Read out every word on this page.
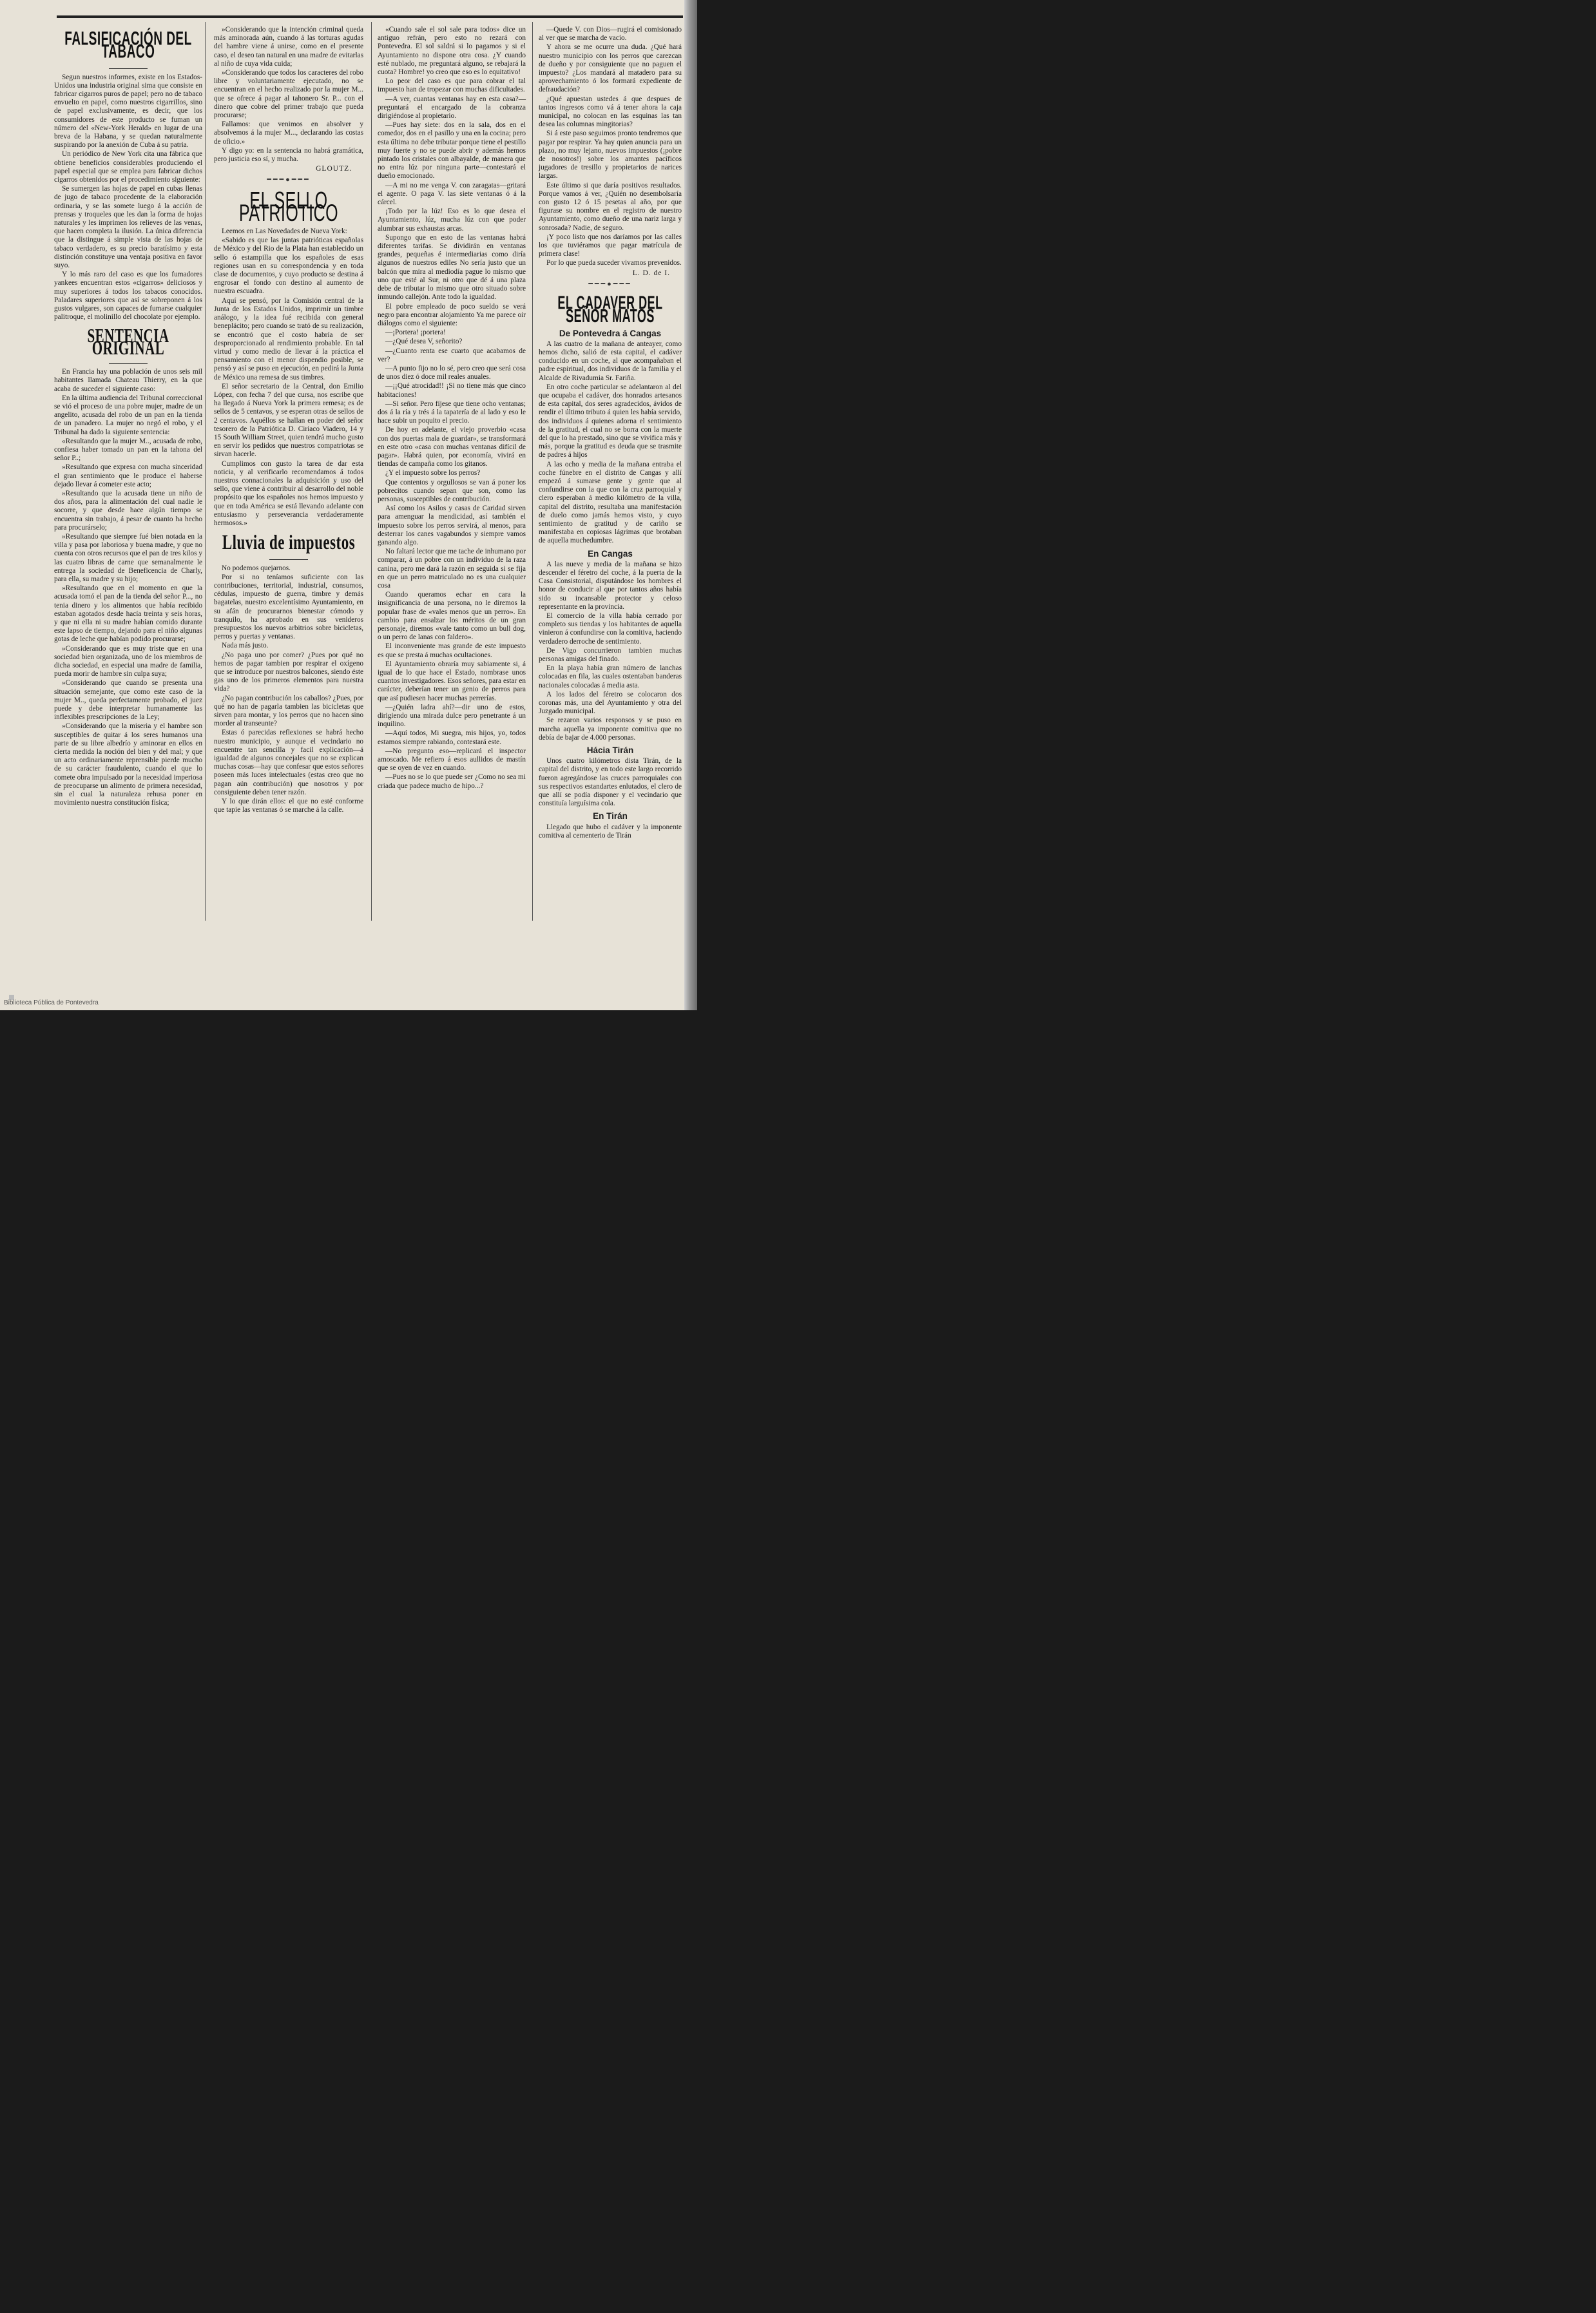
FALSIFICACIÓN DEL TABACO

Segun nuestros informes, existe en los Estados-Unidos una industria original sima que consiste en fabricar cigarros puros de papel; pero no de tabaco envuelto en papel, como nuestros cigarrillos, sino de papel exclusivamente, es decir, que los consumidores de este producto se fuman un número del «New-York Herald» en lugar de una breva de la Habana, y se quedan naturalmente suspirando por la anexión de Cuba á su patria.

Un periódico de New York cita una fábrica que obtiene beneficios considerables produciendo el papel especial que se emplea para fabricar dichos cigarros obtenidos por el procedimiento siguiente:

Se sumergen las hojas de papel en cubas llenas de jugo de tabaco procedente de la elaboración ordinaria, y se las somete luego á la acción de prensas y troqueles que les dan la forma de hojas naturales y les imprimen los relieves de las venas, que hacen completa la ilusión. La única diferencia que la distingue á simple vista de las hojas de tabaco verdadero, es su precio baratísimo y esta distinción constituye una ventaja positiva en favor suyo.

Y lo más raro del caso es que los fumadores yankees encuentran estos «cigarros» deliciosos y muy superiores á todos los tabacos conocidos. Paladares superiores que así se sobreponen á los gustos vulgares, son capaces de fumarse cualquier palitroque, el molinillo del chocolate por ejemplo.

SENTENCIA ORIGINAL

En Francia hay una población de unos seis mil habitantes llamada Chateau Thierry, en la que acaba de suceder el siguiente caso:

En la última audiencia del Tribunal correccional se vió el proceso de una pobre mujer, madre de un angelito, acusada del robo de un pan en la tienda de un panadero. La mujer no negó el robo, y el Tribunal ha dado la siguiente sentencia:

«Resultando que la mujer M.., acusada de robo, confiesa haber tomado un pan en la tahona del señor P..;

»Resultando que expresa con mucha sinceridad el gran sentimiento que le produce el haberse dejado llevar á cometer este acto;

»Resultando que la acusada tiene un niño de dos años, para la alimentación del cual nadie le socorre, y que desde hace algún tiempo se encuentra sin trabajo, á pesar de cuanto ha hecho para procurárselo;

»Resultando que siempre fué bien notada en la villa y pasa por laboriosa y buena madre, y que no cuenta con otros recursos que el pan de tres kilos y las cuatro libras de carne que semanalmente le entrega la sociedad de Beneficencia de Charly, para ella, su madre y su hijo;

»Resultando que en el momento en que la acusada tomó el pan de la tienda del señor P..., no tenia dinero y los alimentos que había recibido estaban agotados desde hacía treinta y seis horas, y que ni ella ni su madre habían comido durante este lapso de tiempo, dejando para el niño algunas gotas de leche que habían podido procurarse;

»Considerando que es muy triste que en una sociedad bien organizada, uno de los miembros de dicha sociedad, en especial una madre de familia, pueda morir de hambre sin culpa suya;

»Considerando que cuando se presenta una situación semejante, que como este caso de la mujer M.., queda perfectamente probado, el juez puede y debe interpretar humanamente las inflexibles prescripciones de la Ley;

»Considerando que la miseria y el hambre son susceptibles de quitar á los seres humanos una parte de su libre albedrío y aminorar en ellos en cierta medida la noción del bien y del mal; y que un acto ordinariamente reprensible pierde mucho de su carácter fraudulento, cuando el que lo comete obra impulsado por la necesidad imperiosa de preocuparse un alimento de primera necesidad, sin el cual la naturaleza rehusa poner en movimiento nuestra constitución física;

»Considerando que la intención criminal queda más aminorada aún, cuando á las torturas agudas del hambre viene á unirse, como en el presente caso, el deseo tan natural en una madre de evitarlas al niño de cuya vida cuida;

»Considerando que todos los caracteres del robo libre y voluntariamente ejecutado, no se encuentran en el hecho realizado por la mujer M... que se ofrece á pagar al tahonero Sr. P... con el dinero que cobre del primer trabajo que pueda procurarse;

Fallamos: que venimos en absolver y absolvemos á la mujer M..., declarando las costas de oficio.»

Y digo yo: en la sentencia no habrá gramática, pero justicia eso sí, y mucha.

GLOUTZ.
━━━●━━━
EL SELLO PATRIOTICO

Leemos en Las Novedades de Nueva York:

«Sabido es que las juntas patrióticas españolas de México y del Rio de la Plata han establecido un sello ó estampilla que los españoles de esas regiones usan en su correspondencia y en toda clase de documentos, y cuyo producto se destina á engrosar el fondo con destino al aumento de nuestra escuadra.

Aquí se pensó, por la Comisión central de la Junta de los Estados Unidos, imprimir un timbre análogo, y la idea fué recibida con general beneplácito; pero cuando se trató de su realización, se encontró que el costo habría de ser desproporcionado al rendimiento probable. En tal virtud y como medio de llevar á la práctica el pensamiento con el menor dispendio posible, se pensó y así se puso en ejecución, en pedirá la Junta de México una remesa de sus timbres.

El señor secretario de la Central, don Emilio López, con fecha 7 del que cursa, nos escribe que ha llegado á Nueva York la primera remesa; es de sellos de 5 centavos, y se esperan otras de sellos de 2 centavos. Aquéllos se hallan en poder del señor tesorero de la Patriótica D. Ciriaco Viadero, 14 y 15 South William Street, quien tendrá mucho gusto en servir los pedidos que nuestros compatriotas se sirvan hacerle.

Cumplimos con gusto la tarea de dar esta noticia, y al verificarlo recomendamos á todos nuestros connacionales la adquisición y uso del sello, que viene á contribuir al desarrollo del noble propósito que los españoles nos hemos impuesto y que en toda América se está llevando adelante con entusiasmo y perseverancia verdaderamente hermosos.»

Lluvia de impuestos

No podemos quejarnos.

Por si no teníamos suficiente con las contribuciones, territorial, industrial, consumos, cédulas, impuesto de guerra, timbre y demás bagatelas, nuestro excelentísimo Ayuntamiento, en su afán de procurarnos bienestar cómodo y tranquilo, ha aprobado en sus venideros presupuestos los nuevos arbitrios sobre bicicletas, perros y puertas y ventanas.

Nada más justo.

¿No paga uno por comer? ¿Pues por qué no hemos de pagar tambien por respirar el oxígeno que se introduce por nuestros balcones, siendo éste gas uno de los primeros elementos para nuestra vida?

¿No pagan contribución los caballos? ¿Pues, por qué no han de pagarla tambien las bicicletas que sirven para montar, y los perros que no hacen sino morder al transeunte?

Estas ó parecidas reflexiones se habrá hecho nuestro municipio, y aunque el vecindario no encuentre tan sencilla y facil explicación—á igualdad de algunos concejales que no se explican muchas cosas—hay que confesar que estos señores poseen más luces intelectuales (estas creo que no pagan aún contribución) que nosotros y por consiguiente deben tener razón.

Y lo que dirán ellos: el que no esté conforme que tapie las ventanas ó se marche á la calle.

«Cuando sale el sol sale para todos» dice un antiguo refrán, pero esto no rezará con Pontevedra. El sol saldrá si lo pagamos y si el Ayuntamiento no dispone otra cosa. ¿Y cuando esté nublado, me preguntará alguno, se rebajará la cuota? Hombre! yo creo que eso es lo equitativo!

Lo peor del caso es que para cobrar el tal impuesto han de tropezar con muchas dificultades.

—A ver, cuantas ventanas hay en esta casa?—preguntará el encargado de la cobranza dirigiéndose al propietario.

—Pues hay siete: dos en la sala, dos en el comedor, dos en el pasillo y una en la cocina; pero esta última no debe tributar porque tiene el pestillo muy fuerte y no se puede abrir y además hemos pintado los cristales con albayalde, de manera que no entra lúz por ninguna parte—contestará el dueño emocionado.

—A mi no me venga V. con zaragatas—gritará el agente. O paga V. las siete ventanas ó á la cárcel.

¡Todo por la lúz! Eso es lo que desea el Ayuntamiento, lúz, mucha lúz con que poder alumbrar sus exhaustas arcas.

Supongo que en esto de las ventanas habrá diferentes tarifas. Se dividirán en ventanas grandes, pequeñas é intermediarias como diría algunos de nuestros ediles No sería justo que un balcón que mira al mediodía pague lo mismo que uno que esté al Sur, ni otro que dé á una plaza debe de tributar lo mismo que otro situado sobre inmundo callejón. Ante todo la igualdad.

El pobre empleado de poco sueldo se verá negro para encontrar alojamiento Ya me parece oir diálogos como el siguiente:

—¡Portera! ¡portera!

—¿Qué desea V, señorito?

—¿Cuanto renta ese cuarto que acabamos de ver?

—A punto fijo no lo sé, pero creo que será cosa de unos diez ó doce mil reales anuales.

—¡¡Qué atrocidad!! ¡Si no tiene más que cinco habitaciones!

—Si señor. Pero fíjese que tiene ocho ventanas; dos á la ría y trés á la tapatería de al lado y eso le hace subir un poquito el precio.

De hoy en adelante, el viejo proverbio «casa con dos puertas mala de guardar», se transformará en este otro «casa con muchas ventanas difícil de pagar». Habrá quien, por economía, vivirá en tiendas de campaña como los gitanos.

¿Y el impuesto sobre los perros?

Que contentos y orgullosos se van á poner los pobrecitos cuando sepan que son, como las personas, susceptibles de contribución.

Así como los Asilos y casas de Caridad sirven para amenguar la mendicidad, así también el impuesto sobre los perros servirá, al menos, para desterrar los canes vagabundos y siempre vamos ganando algo.

No faltará lector que me tache de inhumano por comparar, á un pobre con un individuo de la raza canina, pero me dará la razón en seguida si se fija en que un perro matriculado no es una cualquier cosa

Cuando queramos echar en cara la insignificancia de una persona, no le diremos la popular frase de «vales menos que un perro». En cambio para ensalzar los méritos de un gran personaje, diremos «vale tanto como un bull dog, o un perro de lanas con faldero».

El inconveniente mas grande de este impuesto es que se presta á muchas ocultaciones.

El Ayuntamiento obraría muy sabiamente si, á igual de lo que hace el Estado, nombrase unos cuantos investigadores. Esos señores, para estar en carácter, deberían tener un genio de perros para que así pudiesen hacer muchas perrerías.

—¿Quién ladra ahí?—dir uno de estos, dirigiendo una mirada dulce pero penetrante á un inquilino.

—Aquí todos, Mi suegra, mis hijos, yo, todos estamos siempre rabiando, contestará este.

—No pregunto eso—replicará el inspector amoscado. Me refiero á esos aullidos de mastín que se oyen de vez en cuando.

—Pues no se lo que puede ser ¿Como no sea mi criada que padece mucho de hipo...?

—Quede V. con Dios—rugirá el comisionado al ver que se marcha de vacío.

Y ahora se me ocurre una duda. ¿Qué hará nuestro municipio con los perros que carezcan de dueño y por consiguiente que no paguen el impuesto? ¿Los mandará al matadero para su aprovechamiento ó los formará expediente de defraudación?

¿Qué apuestan ustedes á que despues de tantos ingresos como vá á tener ahora la caja municipal, no colocan en las esquinas las tan desea las columnas mingitorias?

Si á este paso seguimos pronto tendremos que pagar por respirar. Ya hay quien anuncia para un plazo, no muy lejano, nuevos impuestos (¡pobre de nosotros!) sobre los amantes pacíficos jugadores de tresillo y propietarios de narices largas.

Este último si que daría positivos resultados. Porque vamos á ver, ¿Quién no desembolsaría con gusto 12 ó 15 pesetas al año, por que figurase su nombre en el registro de nuestro Ayuntamiento, como dueño de una nariz larga y sonrosada? Nadie, de seguro.

¡Y poco listo que nos daríamos por las calles los que tuviéramos que pagar matrícula de primera clase!

Por lo que pueda suceder vivamos prevenidos.

L. D. de I.
━━━●━━━
EL CADAVER DEL SEÑOR MATOS
De Pontevedra á Cangas

A las cuatro de la mañana de anteayer, como hemos dicho, salió de esta capital, el cadáver conducido en un coche, al que acompañaban el padre espiritual, dos individuos de la familia y el Alcalde de Rivadumia Sr. Fariña.

En otro coche particular se adelantaron al del que ocupaba el cadáver, dos honrados artesanos de esta capital, dos seres agradecidos, ávidos de rendir el último tributo á quien les había servido, dos individuos á quienes adorna el sentimiento de la gratitud, el cual no se borra con la muerte del que lo ha prestado, sino que se vivifica más y más, porque la gratitud es deuda que se trasmite de padres á hijos

A las ocho y media de la mañana entraba el coche fúnebre en el distrito de Cangas y allí empezó á sumarse gente y gente que al confundirse con la que con la cruz parroquial y clero esperaban á medio kilómetro de la villa, capital del distrito, resultaba una manifestación de duelo como jamás hemos visto, y cuyo sentimiento de gratitud y de cariño se manifestaba en copiosas lágrimas que brotaban de aquella muchedumbre.

En Cangas

A las nueve y media de la mañana se hizo descender el féretro del coche, á la puerta de la Casa Consistorial, disputándose los hombres el honor de conducir al que por tantos años había sido su incansable protector y celoso representante en la provincia.

El comercio de la villa había cerrado por completo sus tiendas y los habitantes de aquella vinieron á confundirse con la comitiva, haciendo verdadero derroche de sentimiento.

De Vigo concurrieron tambien muchas personas amigas del finado.

En la playa había gran número de lanchas colocadas en fila, las cuales ostentaban banderas nacionales colocadas á media asta.

A los lados del féretro se colocaron dos coronas más, una del Ayuntamiento y otra del Juzgado municipal.

Se rezaron varios responsos y se puso en marcha aquella ya imponente comitiva que no debía de bajar de 4.000 personas.

Hácia Tirán

Unos cuatro kilómetros dista Tirán, de la capital del distrito, y en todo este largo recorrido fueron agregándose las cruces parroquiales con sus respectivos estandartes enlutados, el clero de que allí se podía disponer y el vecindario que constituía larguísima cola.

En Tirán

Llegado que hubo el cadáver y la imponente comitiva al cementerio de Tirán

Biblioteca Pública de Pontevedra
